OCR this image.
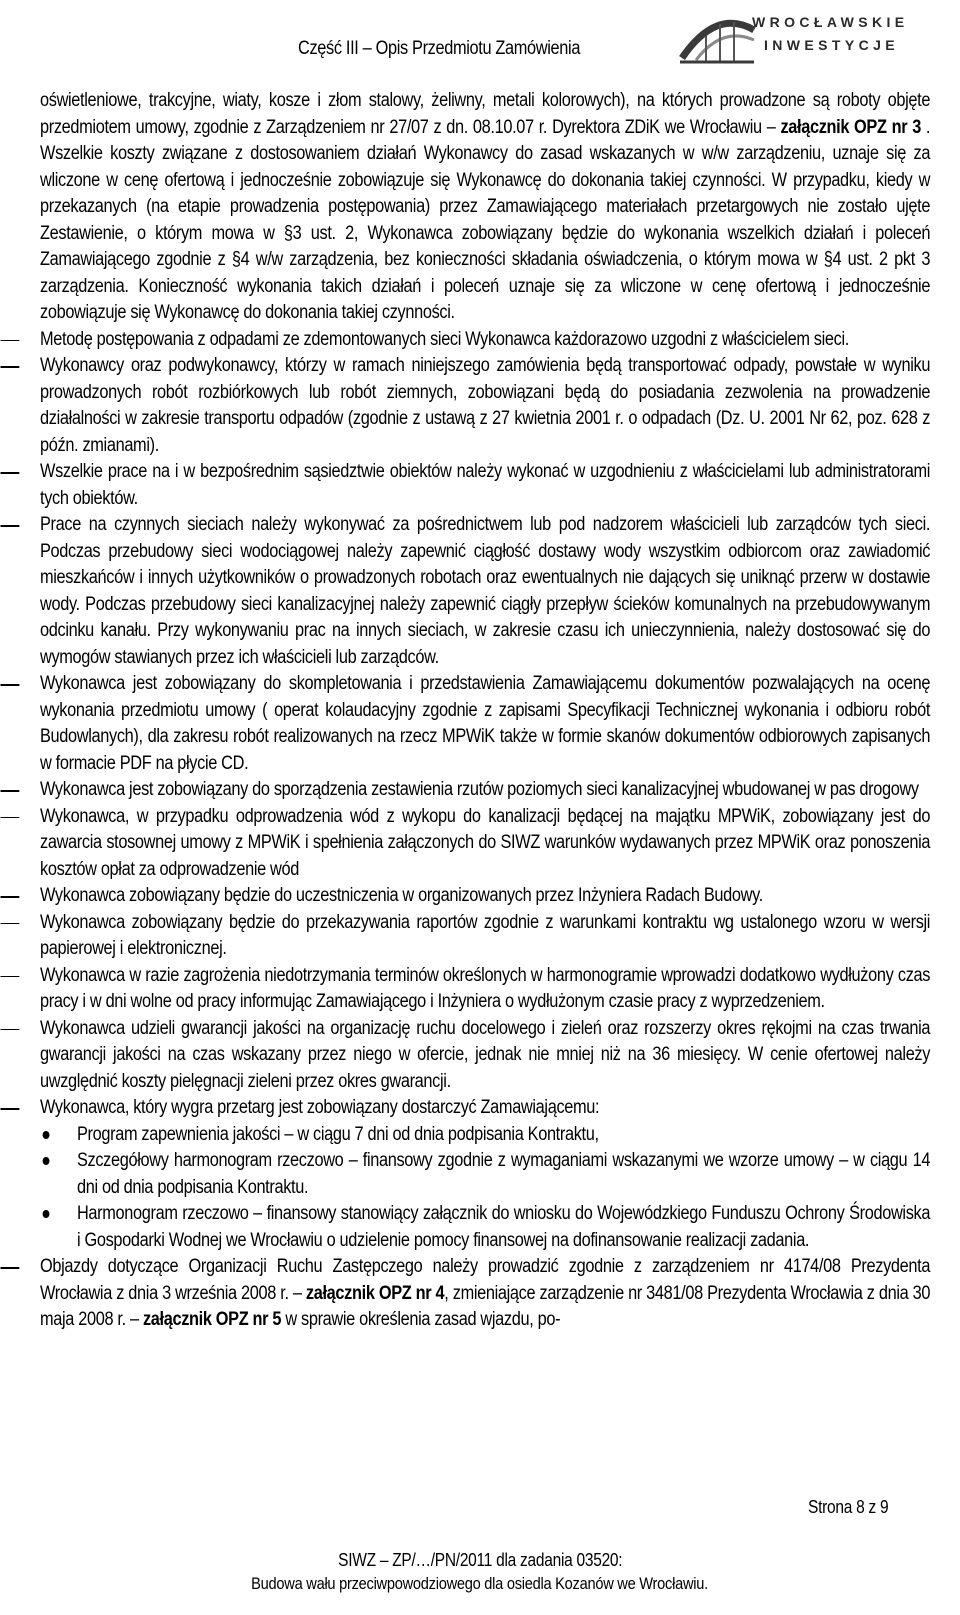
Część III – Opis Przedmiotu Zamówienia
WROCŁAWSKIE
INWESTYCJE

oświetleniowe, trakcyjne, wiaty, kosze i złom stalowy, żeliwny, metali kolorowych), na których prowadzone są roboty objęte przedmiotem umowy, zgodnie z Zarządzeniem nr 27/07 z dn. 08.10.07 r. Dyrektora ZDiK we Wrocławiu – załącznik OPZ nr 3 . Wszelkie koszty związane z dostosowaniem działań Wykonawcy do zasad wskazanych w w/w zarządzeniu, uznaje się za wliczone w cenę ofertową i jednocześnie zobowiązuje się Wykonawcę do dokonania takiej czynności. W przypadku, kiedy w przekazanych (na etapie prowadzenia postępowania) przez Zamawiającego materiałach przetargowych nie zostało ujęte Zestawienie, o którym mowa w §3 ust. 2, Wykonawca zobowiązany będzie do wykonania wszelkich działań i poleceń Zamawiającego zgodnie z §4 w/w zarządzenia, bez konieczności składania oświadczenia, o którym mowa w §4 ust. 2 pkt 3 zarządzenia. Konieczność wykonania takich działań i poleceń uznaje się za wliczone w cenę ofertową i jednocześnie zobowiązuje się Wykonawcę do dokonania takiej czynności.

Metodę postępowania z odpadami ze zdemontowanych sieci Wykonawca każdorazowo uzgodni z właścicielem sieci.

Wykonawcy oraz podwykonawcy, którzy w ramach niniejszego zamówienia będą transportować odpady, powstałe w wyniku prowadzonych robót rozbiórkowych lub robót ziemnych, zobowiązani będą do posiadania zezwolenia na prowadzenie działalności w zakresie transportu odpadów (zgodnie z ustawą z 27 kwietnia 2001 r. o odpadach (Dz. U. 2001 Nr 62, poz. 628 z późn. zmianami).

Wszelkie prace na i w bezpośrednim sąsiedztwie obiektów należy wykonać w uzgodnieniu z właścicielami lub administratorami tych obiektów.

Prace na czynnych sieciach należy wykonywać za pośrednictwem lub pod nadzorem właścicieli lub zarządców tych sieci. Podczas przebudowy sieci wodociągowej należy zapewnić ciągłość dostawy wody wszystkim odbiorcom oraz zawiadomić mieszkańców i innych użytkowników o prowadzonych robotach oraz ewentualnych nie dających się uniknąć przerw w dostawie wody. Podczas przebudowy sieci kanalizacyjnej należy zapewnić ciągły przepływ ścieków komunalnych na przebudowywanym odcinku kanału. Przy wykonywaniu prac na innych sieciach, w zakresie czasu ich unieczynnienia, należy dostosować się do wymogów stawianych przez ich właścicieli lub zarządców.

Wykonawca jest zobowiązany do skompletowania i przedstawienia Zamawiającemu dokumentów pozwalających na ocenę wykonania przedmiotu umowy ( operat kolaudacyjny zgodnie z zapisami Specyfikacji Technicznej wykonania i odbioru robót Budowlanych), dla zakresu robót realizowanych na rzecz MPWiK także w formie skanów dokumentów odbiorowych zapisanych w formacie PDF na płycie CD.

Wykonawca jest zobowiązany do sporządzenia zestawienia rzutów poziomych sieci kanalizacyjnej wbudowanej w pas drogowy

Wykonawca, w przypadku odprowadzenia wód z wykopu do kanalizacji będącej na majątku MPWiK, zobowiązany jest do zawarcia stosownej umowy z MPWiK i spełnienia załączonych do SIWZ warunków wydawanych przez MPWiK oraz ponoszenia kosztów opłat za odprowadzenie wód

Wykonawca zobowiązany będzie do uczestniczenia w organizowanych przez Inżyniera Radach Budowy.

Wykonawca zobowiązany będzie do przekazywania raportów zgodnie z warunkami kontraktu wg ustalonego wzoru w wersji papierowej i elektronicznej.

Wykonawca w razie zagrożenia niedotrzymania terminów określonych w harmonogramie wprowadzi dodatkowo wydłużony czas pracy i w dni wolne od pracy informując Zamawiającego i Inżyniera o wydłużonym czasie pracy z wyprzedzeniem.

Wykonawca udzieli gwarancji jakości na organizację ruchu docelowego i zieleń oraz rozszerzy okres rękojmi na czas trwania gwarancji jakości na czas wskazany przez niego w ofercie, jednak nie mniej niż na 36 miesięcy. W cenie ofertowej należy uwzględnić koszty pielęgnacji zieleni przez okres gwarancji.

Wykonawca, który wygra przetarg jest zobowiązany dostarczyć Zamawiającemu:

Program zapewnienia jakości – w ciągu 7 dni od dnia podpisania Kontraktu,
Szczegółowy harmonogram rzeczowo – finansowy zgodnie z wymaganiami wskazanymi we wzorze umowy – w ciągu 14 dni od dnia podpisania Kontraktu.
Harmonogram rzeczowo – finansowy stanowiący załącznik do wniosku do Wojewódzkiego Funduszu Ochrony Środowiska i Gospodarki Wodnej we Wrocławiu o udzielenie pomocy finansowej na dofinansowanie realizacji zadania.

Objazdy dotyczące Organizacji Ruchu Zastępczego należy prowadzić zgodnie z zarządzeniem nr 4174/08 Prezydenta Wrocławia z dnia 3 września 2008 r. – załącznik OPZ nr 4, zmieniające zarządzenie nr 3481/08 Prezydenta Wrocławia z dnia 30 maja 2008 r. – załącznik OPZ nr 5 w sprawie określenia zasad wjazdu, po-

Strona 8 z 9
SIWZ – ZP/…/PN/2011 dla zadania 03520:
Budowa wału przeciwpowodziowego dla osiedla Kozanów we Wrocławiu.
